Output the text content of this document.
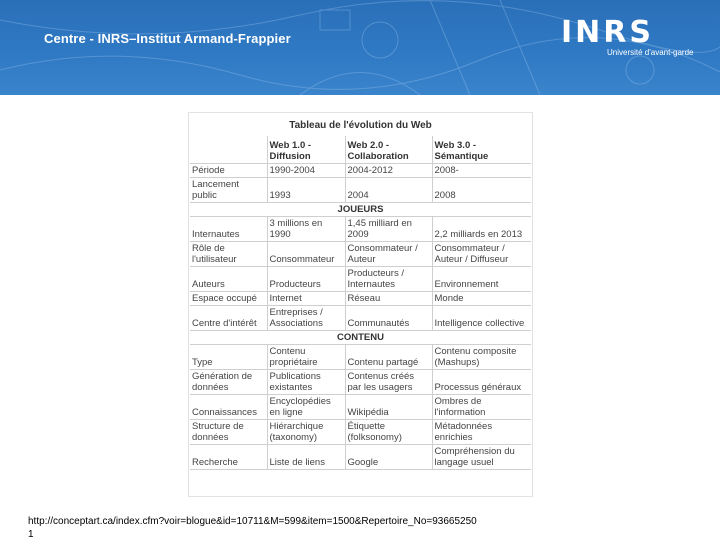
Centre - INRS–Institut Armand-Frappier	INRS
Université d'avant-garde
Tableau de l'évolution du Web
	Web 1.0 - Diffusion	Web 2.0 - Collaboration	Web 3.0 - Sémantique
Période	1990-2004	2004-2012	2008-
Lancement public	1993	2004	2008
JOUEURS			
Internautes	3 millions en 1990	1,45 milliard en 2009	2,2 milliards en 2013
Rôle de l'utilisateur	Consommateur	Consommateur / Auteur	Consommateur / Auteur / Diffuseur
Auteurs	Producteurs	Producteurs / Internautes	Environnement
Espace occupé	Internet	Réseau	Monde
Centre d'intérêt	Entreprises / Associations	Communautés	Intelligence collective
CONTENU			
Type	Contenu propriétaire	Contenu partagé	Contenu composite (Mashups)
Génération de données	Publications existantes	Contenus créés par les usagers	Processus généraux
Connaissances	Encyclopédies en ligne	Wikipédia	Ombres de l'information
Structure de données	Hiérarchique (taxonomy)	Étiquette (folksonomy)	Métadonnées enrichies
Recherche	Liste de liens	Google	Compréhension du langage usuel
http://conceptart.ca/index.cfm?voir=blogue&id=10711&M=599&item=1500&Repertoire_No=93665250
1
